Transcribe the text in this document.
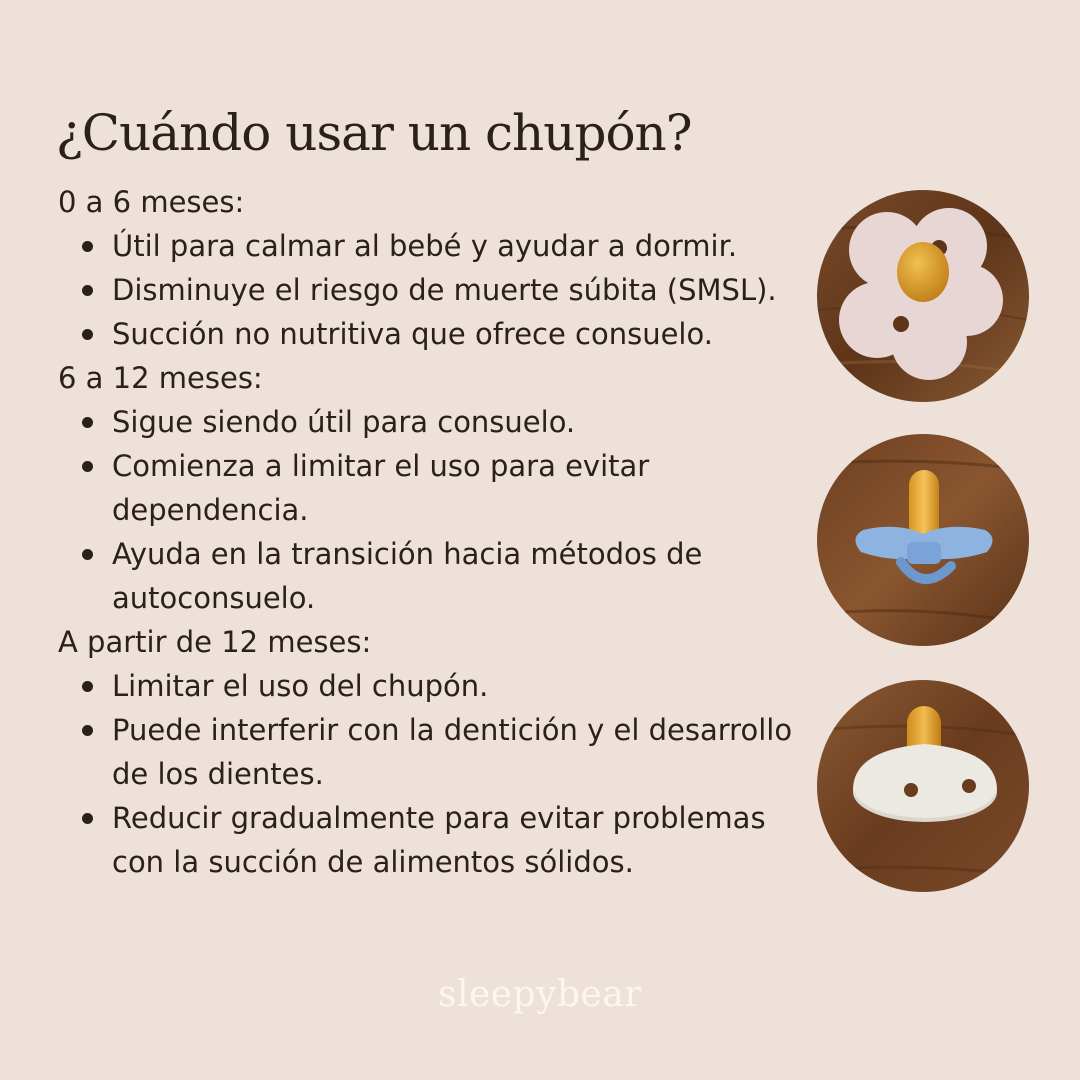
¿Cuándo usar un chupón?
0 a 6 meses:
Útil para calmar al bebé y ayudar a dormir.
Disminuye el riesgo de muerte súbita (SMSL).
Succión no nutritiva que ofrece consuelo.
6 a 12 meses:
Sigue siendo útil para consuelo.
Comienza a limitar el uso para evitar dependencia.
Ayuda en la transición hacia métodos de autoconsuelo.
A partir de 12 meses:
Limitar el uso del chupón.
Puede interferir con la dentición y el desarrollo de los dientes.
Reducir gradualmente para evitar problemas con la succión de alimentos sólidos.
sleepybear
